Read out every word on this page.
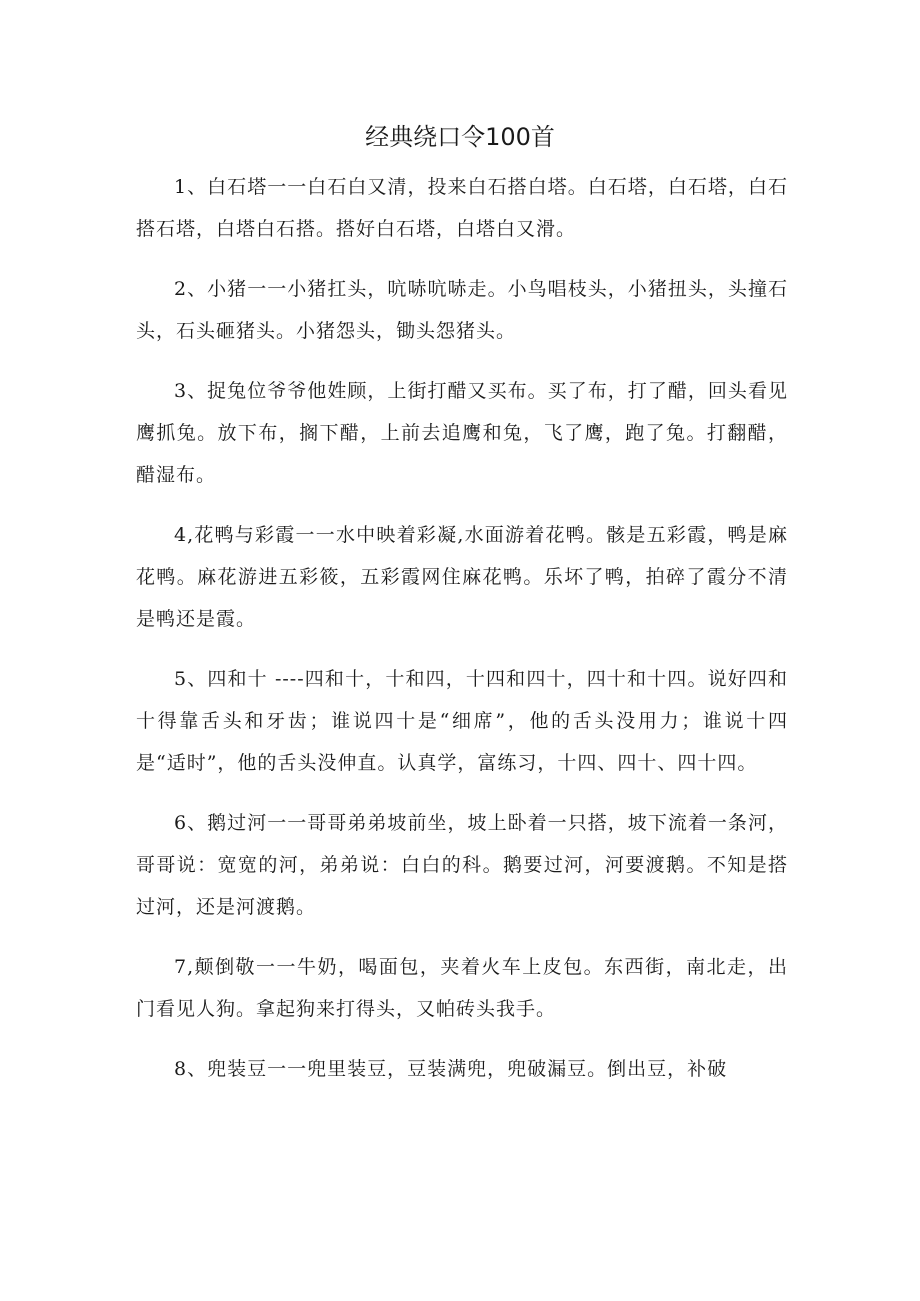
经典绕口令100首

1、白石塔一一白石白又清，投来白石搭白塔。白石塔，白石塔，白石搭石塔，白塔白石搭。搭好白石塔，白塔白又滑。

2、小猪一一小猪扛头，吭哧吭哧走。小鸟唱枝头，小猪扭头，头撞石头，石头砸猪头。小猪怨头，锄头怨猪头。

3、捉兔位爷爷他姓顾，上街打醋又买布。买了布，打了醋，回头看见鹰抓兔。放下布，搁下醋，上前去追鹰和兔，飞了鹰，跑了兔。打翻醋，醋湿布。

4,花鸭与彩霞一一水中映着彩凝,水面游着花鸭。骸是五彩霞，鸭是麻花鸭。麻花游进五彩筱，五彩霞网住麻花鸭。乐坏了鸭，拍碎了霞分不清是鸭还是霞。

5、四和十 ----四和十，十和四，十四和四十，四十和十四。说好四和十得靠舌头和牙齿；谁说四十是“细席”，他的舌头没用力；谁说十四是“适时”，他的舌头没伸直。认真学，富练习，十四、四十、四十四。

6、鹅过河一一哥哥弟弟坡前坐，坡上卧着一只搭，坡下流着一条河，哥哥说：宽宽的河，弟弟说：白白的科。鹅要过河，河要渡鹅。不知是搭过河，还是河渡鹅。

7,颠倒敬一一牛奶，喝面包，夹着火车上皮包。东西街，南北走，出门看见人狗。拿起狗来打得头，又帕砖头我手。

8、兜装豆一一兜里装豆，豆装满兜，兜破漏豆。倒出豆，补破
